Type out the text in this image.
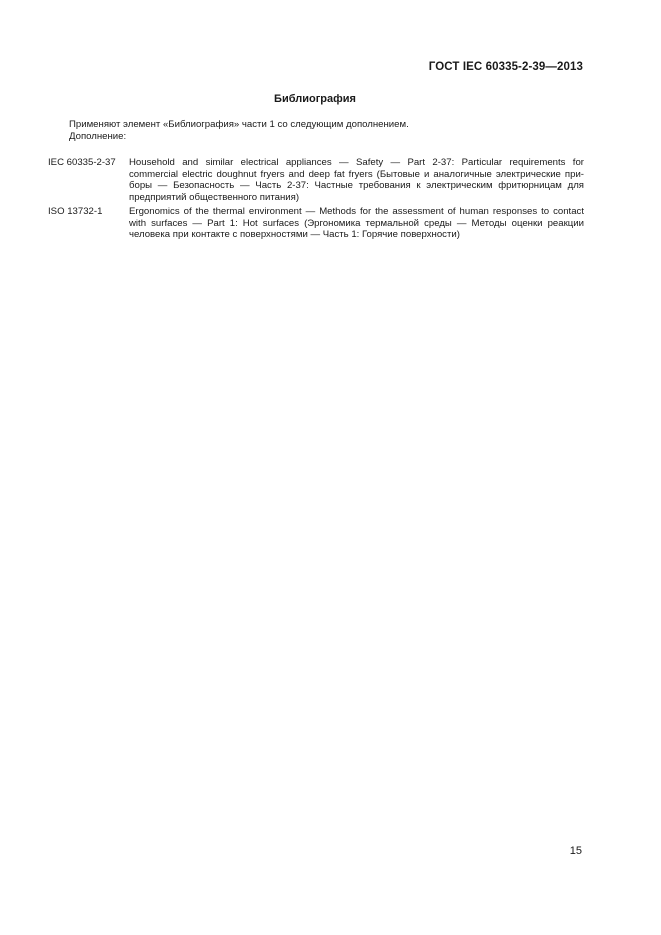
ГОСТ IEC 60335-2-39—2013
Библиография
Применяют элемент «Библиография» части 1 со следующим дополнением.
Дополнение:
IEC 60335-2-37	Household and similar electrical appliances — Safety — Part 2-37: Particular requirements for
commercial electric doughnut fryers and deep fat fryers (Бытовые и аналогичные электрические при-
боры — Безопасность — Часть 2-37: Частные требования к электрическим фритюрницам для
предприятий общественного питания)
ISO 13732-1	Ergonomics of the thermal environment — Methods for the assessment of human responses to contact
with surfaces — Part 1: Hot surfaces (Эргономика термальной среды — Методы оценки реакции
человека при контакте с поверхностями — Часть 1: Горячие поверхности)
15
